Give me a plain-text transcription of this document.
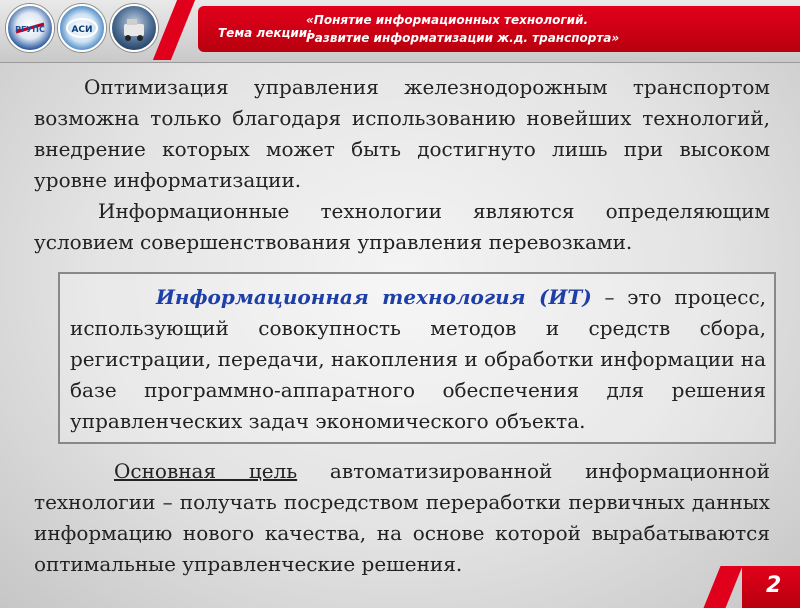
РГУПС	АСИ	Тема лекции:
«Понятие информационных технологий. Развитие информатизации ж.д. транспорта»

Оптимизация управления железнодорожным транспортом возможна только благодаря использованию новейших технологий, внедрение которых может быть достигнуто лишь при высоком уровне информатизации.

Информационные технологии являются определяющим условием совершенствования управления перевозками.

Информационная технология (ИТ) – это процесс, использующий совокупность методов и средств сбора, регистрации, передачи, накопления и обработки информации на базе программно-аппаратного обеспечения для решения управленческих задач экономического объекта.

Основная цель автоматизированной информационной технологии – получать посредством переработки первичных данных информацию нового качества, на основе которой вырабатываются оптимальные управленческие решения.

2
